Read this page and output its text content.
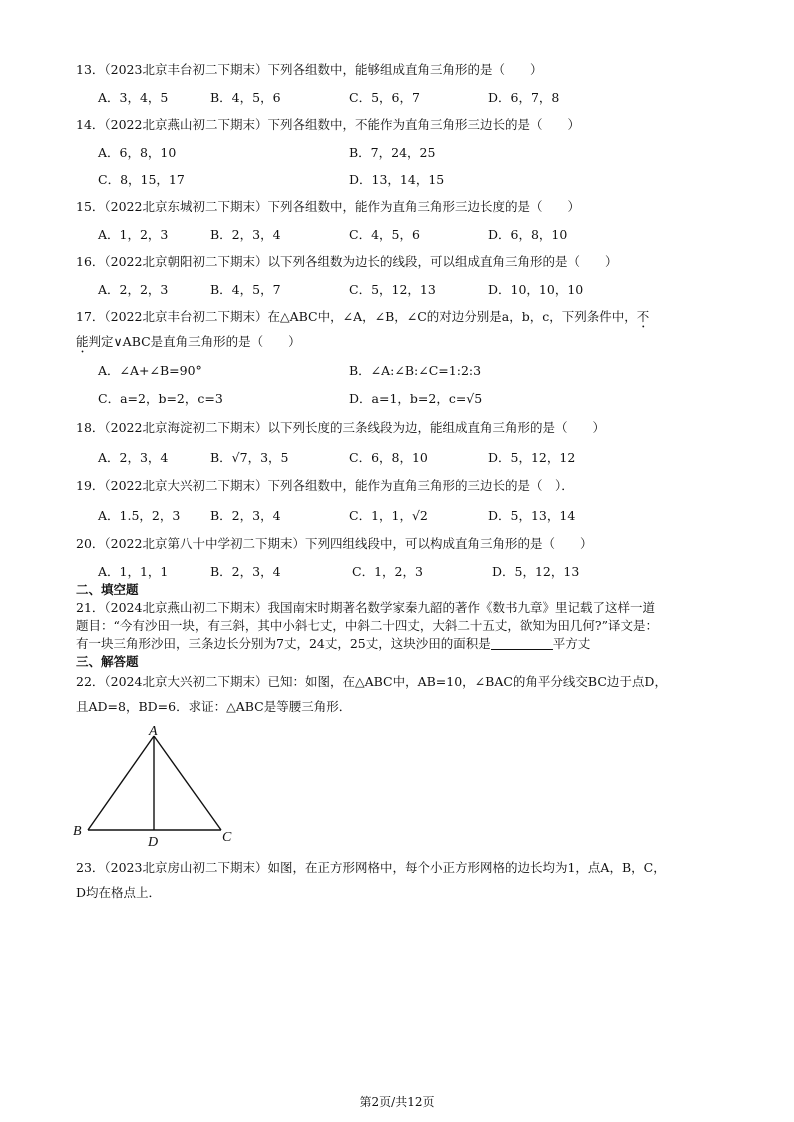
13．（2023北京丰台初二下期末）下列各组数中，能够组成直角三角形的是（　　）
A．3，4，5	B．4，5，6	C．5，6，7	D．6，7，8
14．（2022北京燕山初二下期末）下列各组数中，不能作为直角三角形三边长的是（　　）
A．6，8，10	B．7，24，25
C．8，15，17	D．13，14，15
15．（2022北京东城初二下期末）下列各组数中，能作为直角三角形三边长度的是（　　）
A．1，2，3	B．2，3，4	C．4，5，6	D．6，8，10
16．（2022北京朝阳初二下期末）以下列各组数为边长的线段，可以组成直角三角形的是（　　）
A．2，2，3	B．4，5，7	C．5，12，13	D．10，10，10
17．（2022北京丰台初二下期末）在△ABC中，∠A，∠B，∠C的对边分别是a，b，c，下列条件中，不
能判定∨ABC是直角三角形的是（　　）
A．∠A+∠B=90°	B．∠A:∠B:∠C=1:2:3
C．a=2，b=2，c=3	D．a=1，b=2，c=√5
18．（2022北京海淀初二下期末）以下列长度的三条线段为边，能组成直角三角形的是（　　）
A．2，3，4	B．√7，3，5	C．6，8，10	D．5，12，12
19．（2022北京大兴初二下期末）下列各组数中，能作为直角三角形的三边长的是（　）．
A．1.5，2，3 B．2，3，4	C．1，1，√2	D．5，13，14
20．（2022北京第八十中学初二下期末）下列四组线段中，可以构成直角三角形的是（　　）
A．1，1，1	B．2，3，4	C．1，2，3	D．5，12，13
二、填空题
21．（2024北京燕山初二下期末）我国南宋时期著名数学家秦九韶的著作《数书九章》里记载了这样一道
题目：“今有沙田一块，有三斜，其中小斜七丈，中斜二十四丈，大斜二十五丈，欲知为田几何?”译文是：
有一块三角形沙田，三条边长分别为7丈，24丈，25丈，这块沙田的面积是	平方丈
三、解答题
22．（2024北京大兴初二下期末）已知：如图，在△ABC中，AB=10，∠BAC的角平分线交BC边于点D，
且AD=8，BD=6．求证：△ABC是等腰三角形．
A
B	C
D
23．（2023北京房山初二下期末）如图，在正方形网格中，每个小正方形网格的边长均为1，点A，B，C，
D均在格点上．
第2页/共12页
